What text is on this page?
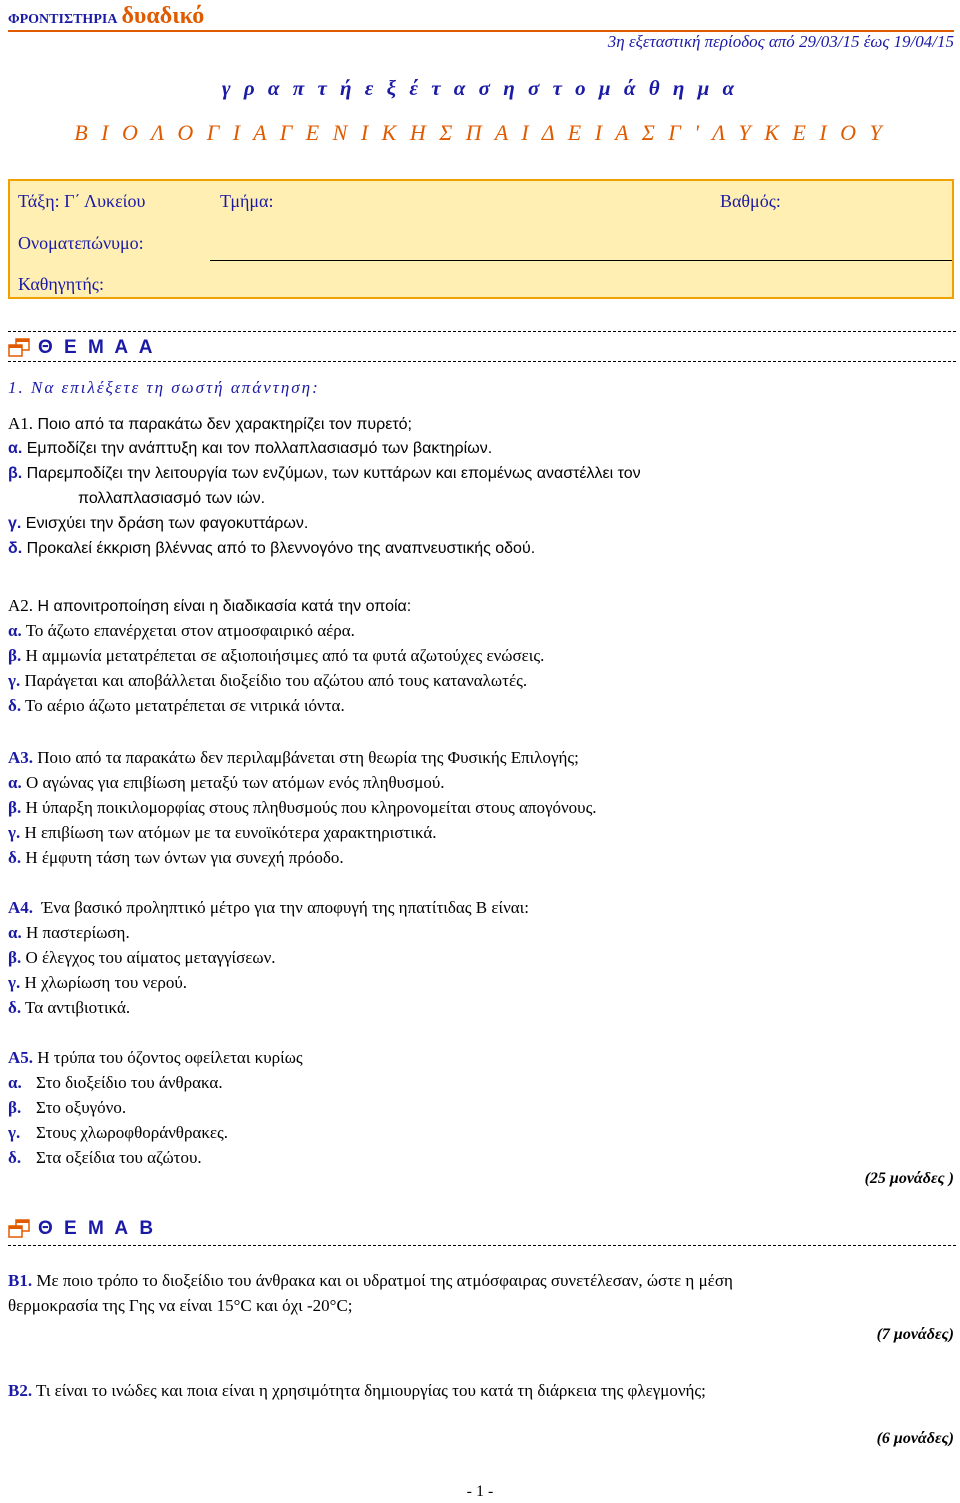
ΦΡΟΝΤΙΣΤΗΡΙΑ δυαδικό
3η εξεταστική περίοδος από 29/03/15 έως 19/04/15
γ ρ α π τ ή ε ξ έ τ α σ η σ τ ο μ ά θ η μ α
Β Ι Ο Λ Ο Γ Ι Α Γ Ε Ν Ι Κ Η Σ Π Α Ι Δ Ε Ι Α Σ Γ ' Λ Υ Κ Ε Ι Ο Υ
Τάξη: Γ΄ Λυκείου	Τμήμα:	Βαθμός:
Ονοματεπώνυμο:
Καθηγητής:
Θ Ε Μ Α Α
1. Να επιλέξετε τη σωστή απάντηση:
Α1. Ποιο από τα παρακάτω δεν χαρακτηρίζει τον πυρετό;
α. Εμποδίζει την ανάπτυξη και τον πολλαπλασιασμό των βακτηρίων.
β. Παρεμποδίζει την λειτουργία των ενζύμων, των κυττάρων και επομένως αναστέλλει τον
πολλαπλασιασμό των ιών.
γ. Ενισχύει την δράση των φαγοκυττάρων.
δ. Προκαλεί έκκριση βλέννας από το βλεννογόνο της αναπνευστικής οδού.
Α2. Η απονιτροποίηση είναι η διαδικασία κατά την οποία:
α. Το άζωτο επανέρχεται στον ατμοσφαιρικό αέρα.
β. Η αμμωνία μετατρέπεται σε αξιοποιήσιμες από τα φυτά αζωτούχες ενώσεις.
γ. Παράγεται και αποβάλλεται διοξείδιο του αζώτου από τους καταναλωτές.
δ. Το αέριο άζωτο μετατρέπεται σε νιτρικά ιόντα.
Α3. Ποιο από τα παρακάτω δεν περιλαμβάνεται στη θεωρία της Φυσικής Επιλογής;
α. Ο αγώνας για επιβίωση μεταξύ των ατόμων ενός πληθυσμού.
β. Η ύπαρξη ποικιλομορφίας στους πληθυσμούς που κληρονομείται στους απογόνους.
γ. Η επιβίωση των ατόμων με τα ευνοϊκότερα χαρακτηριστικά.
δ. Η έμφυτη τάση των όντων για συνεχή πρόοδο.
Α4. Ένα βασικό προληπτικό μέτρο για την αποφυγή της ηπατίτιδας Β είναι:
α. Η παστερίωση.
β. Ο έλεγχος του αίματος μεταγγίσεων.
γ. Η χλωρίωση του νερού.
δ. Τα αντιβιοτικά.
Α5. Η τρύπα του όζοντος οφείλεται κυρίως
α. Στο διοξείδιο του άνθρακα.
β. Στο οξυγόνο.
γ. Στους χλωροφθοράνθρακες.
δ. Στα οξείδια του αζώτου.
(25 μονάδες )
Θ Ε Μ Α Β
Β1. Με ποιο τρόπο το διοξείδιο του άνθρακα και οι υδρατμοί της ατμόσφαιρας συνετέλεσαν, ώστε η μέση
θερμοκρασία της Γης να είναι 15°C και όχι -20°C;
(7 μονάδες)
Β2. Τι είναι το ινώδες και ποια είναι η χρησιμότητα δημιουργίας του κατά τη διάρκεια της φλεγμονής;
(6 μονάδες)
- 1 -
